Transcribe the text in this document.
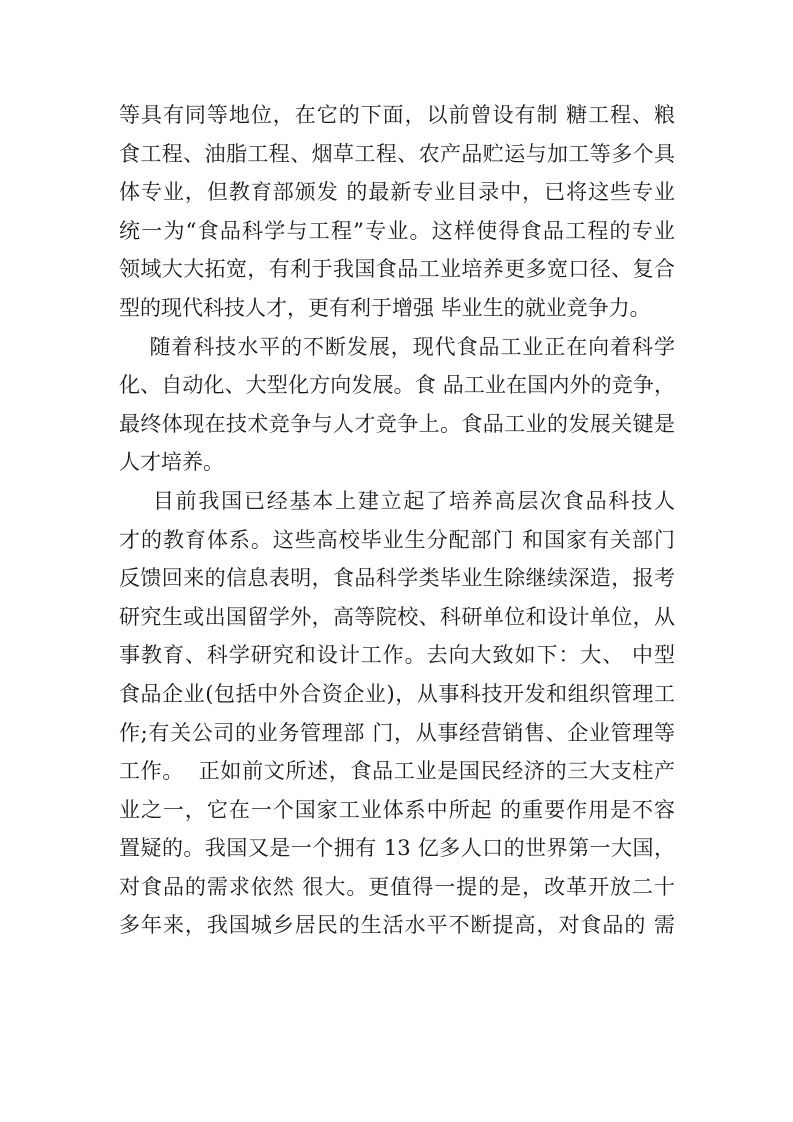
等具有同等地位，在它的下面，以前曾设有制 糖工程、粮
食工程、油脂工程、烟草工程、农产品贮运与加工等多个具
体专业，但教育部颁发 的最新专业目录中，已将这些专业
统一为“食品科学与工程”专业。这样使得食品工程的专业
领域大大拓宽，有利于我国食品工业培养更多宽口径、复合
型的现代科技人才，更有利于增强 毕业生的就业竞争力。
随着科技水平的不断发展，现代食品工业正在向着科学
化、自动化、大型化方向发展。食 品工业在国内外的竞争，
最终体现在技术竞争与人才竞争上。食品工业的发展关键是
人才培养。
目前我国已经基本上建立起了培养高层次食品科技人
才的教育体系。这些高校毕业生分配部门 和国家有关部门
反馈回来的信息表明，食品科学类毕业生除继续深造，报考
研究生或出国留学外，高等院校、科研单位和设计单位，从
事教育、科学研究和设计工作。去向大致如下：大、 中型
食品企业(包括中外合资企业)，从事科技开发和组织管理工
作;有关公司的业务管理部 门，从事经营销售、企业管理等
工作。  正如前文所述，食品工业是国民经济的三大支柱产
业之一，它在一个国家工业体系中所起 的重要作用是不容
置疑的。我国又是一个拥有 13 亿多人口的世界第一大国，
对食品的需求依然 很大。更值得一提的是，改革开放二十
多年来，我国城乡居民的生活水平不断提高，对食品的 需
